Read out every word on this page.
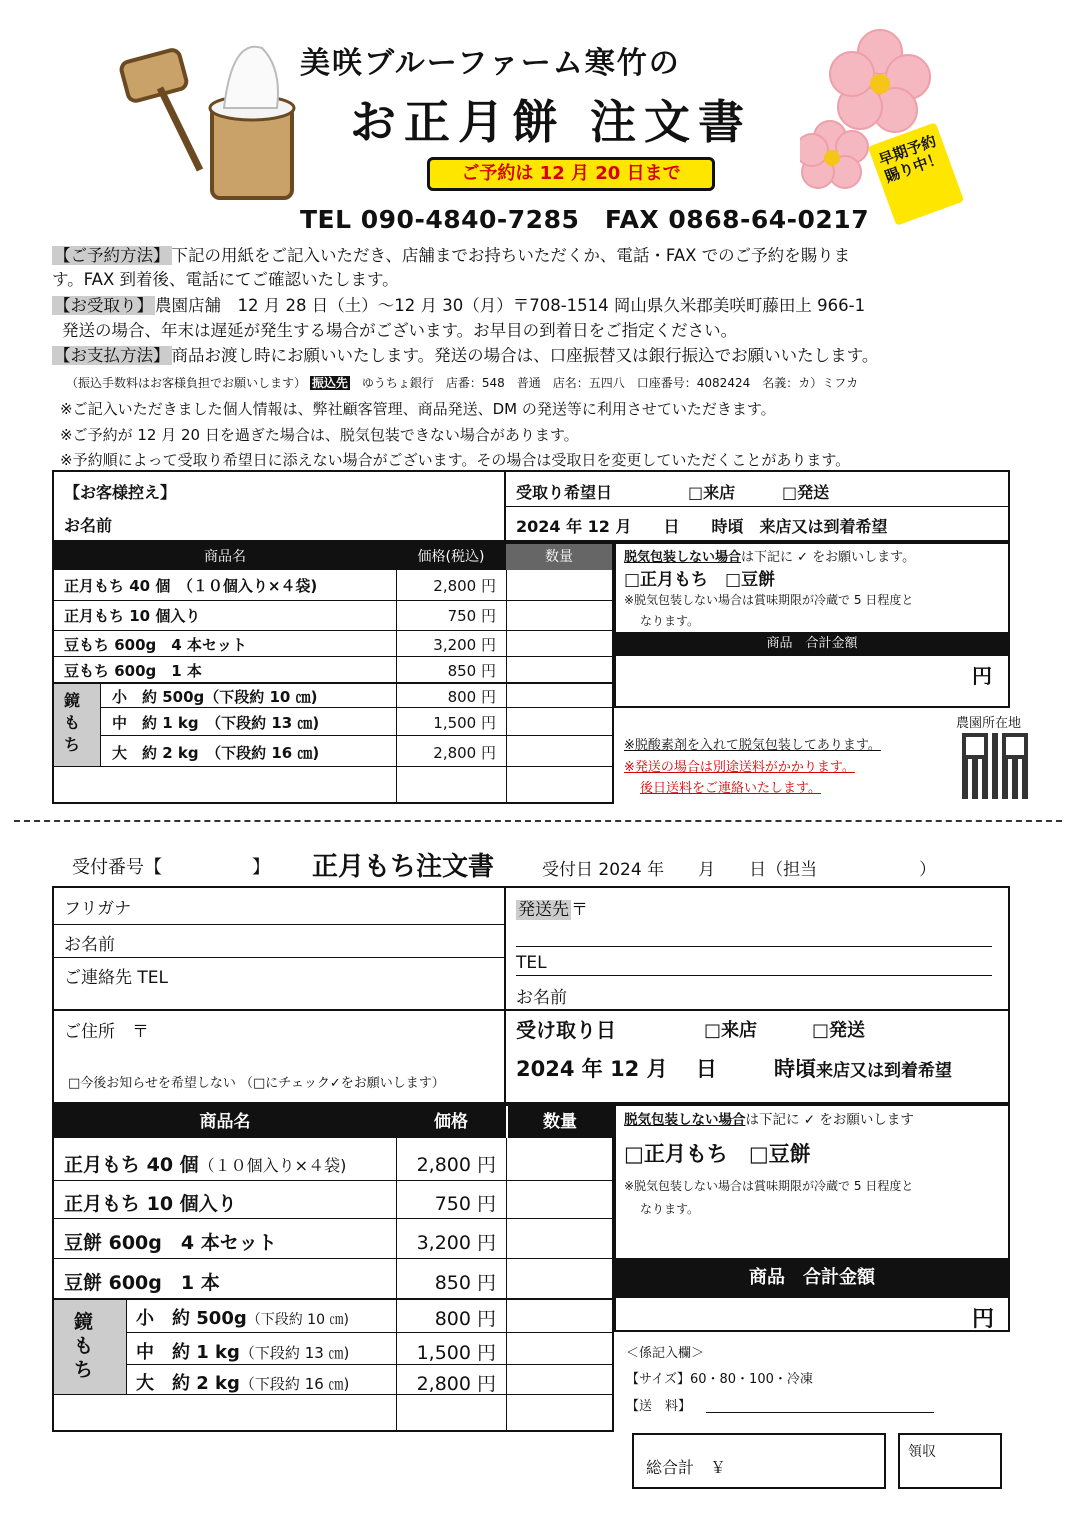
美咲ブルーファーム寒竹の
お正月餅 注文書
ご予約は 12 月 20 日まで
早期予約賜り中！
TEL 090-4840-7285　FAX 0868-64-0217
【ご予約方法】 下記の用紙をご記入いただき、店舗までお持ちいただくか、電話・FAX でのご予約を賜りま
す。FAX 到着後、電話にてご確認いたします。
【お受取り】 農園店舗　12 月 28 日（土）～12 月 30（月）〒708-1514 岡山県久米郡美咲町藤田上 966-1
発送の場合、年末は遅延が発生する場合がございます。お早目の到着日をご指定ください。
【お支払方法】 商品お渡し時にお願いいたします。発送の場合は、口座振替又は銀行振込でお願いいたします。
（振込手数料はお客様負担でお願いします） 振込先　 ゆうちょ銀行　店番：548　普通　店名：五四八　口座番号：4082424　名義：カ）ミフカ
※ご記入いただきました個人情報は、弊社顧客管理、商品発送、DM の発送等に利用させていただきます。
※ご予約が 12 月 20 日を過ぎた場合は、脱気包装できない場合があります。
※予約順によって受取り希望日に添えない場合がございます。その場合は受取日を変更していただくことがあります。
【お客様控え】
お名前
受取り希望日	□来店	□発送
2024 年 12 月　　日　　時頃　来店又は到着希望
商品名	価格(税込)	数量
鏡もち
正月もち 40 個　（１０個入り×４袋)	2,800 円
正月もち 10 個入り	750 円
豆もち 600g　4 本セット	3,200 円
豆もち 600g　1 本	850 円
小　約 500g（下段約 10 ㎝)	800 円
中　約 1 kg　（下段約 13 ㎝)	1,500 円
大　約 2 kg　（下段約 16 ㎝)	2,800 円
脱気包装しない場合は下記に ✓ をお願いします。
□正月もち　□豆餅
※脱気包装しない場合は賞味期限が冷蔵で 5 日程度と
なります。
商品　合計金額
円
農園所在地
※脱酸素剤を入れて脱気包装してあります。
※発送の場合は別途送料がかかります。
後日送料をご連絡いたします。
受付番号【　　　　　】 正月もち注文書	受付日 2024 年　　月　　日（担当　　　　　　）
フリガナ
お名前
ご連絡先 TEL
ご住所　〒
□今後お知らせを希望しない （□にチェック✓をお願いします）
発送先 〒
TEL
お名前
受け取り日	□来店	□発送
2024 年 12 月　 日	時頃来店又は到着希望
商品名	価格	数量
鏡もち
正月もち 40 個（１０個入り×４袋)	2,800 円
正月もち 10 個入り	750 円
豆餅 600g　4 本セット	3,200 円
豆餅 600g　1 本	850 円
小　約 500g（下段約 10 ㎝)	800 円
中　約 1 kg（下段約 13 ㎝)	1,500 円
大　約 2 kg（下段約 16 ㎝)	2,800 円
脱気包装しない場合は下記に ✓ をお願いします
□正月もち　□豆餅
※脱気包装しない場合は賞味期限が冷蔵で 5 日程度と
なります。
商品　合計金額
円
＜係記入欄＞
【サイズ】60・80・100・冷凍
【送　料】
総合計　￥
領収
